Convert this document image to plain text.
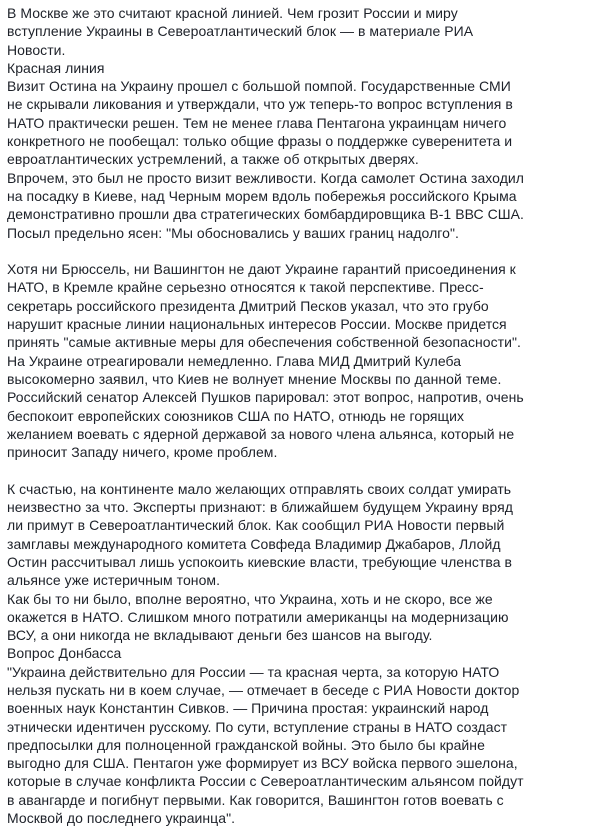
В Москве же это считают красной линией. Чем грозит России и миру
вступление Украины в Североатлантический блок — в материале РИА
Новости.
Красная линия
Визит Остина на Украину прошел с большой помпой. Государственные СМИ
не скрывали ликования и утверждали, что уж теперь-то вопрос вступления в
НАТО практически решен. Тем не менее глава Пентагона украинцам ничего
конкретного не пообещал: только общие фразы о поддержке суверенитета и
евроатлантических устремлений, а также об открытых дверях.
Впрочем, это был не просто визит вежливости. Когда самолет Остина заходил
на посадку в Киеве, над Черным морем вдоль побережья российского Крыма
демонстративно прошли два стратегических бомбардировщика В-1 ВВС США.
Посыл предельно ясен: "Мы обосновались у ваших границ надолго".
Хотя ни Брюссель, ни Вашингтон не дают Украине гарантий присоединения к
НАТО, в Кремле крайне серьезно относятся к такой перспективе. Пресс-
секретарь российского президента Дмитрий Песков указал, что это грубо
нарушит красные линии национальных интересов России. Москве придется
принять "самые активные меры для обеспечения собственной безопасности".
На Украине отреагировали немедленно. Глава МИД Дмитрий Кулеба
высокомерно заявил, что Киев не волнует мнение Москвы по данной теме.
Российский сенатор Алексей Пушков парировал: этот вопрос, напротив, очень
беспокоит европейских союзников США по НАТО, отнюдь не горящих
желанием воевать с ядерной державой за нового члена альянса, который не
приносит Западу ничего, кроме проблем.
К счастью, на континенте мало желающих отправлять своих солдат умирать
неизвестно за что. Эксперты признают: в ближайшем будущем Украину вряд
ли примут в Североатлантический блок. Как сообщил РИА Новости первый
замглавы международного комитета Совфеда Владимир Джабаров, Ллойд
Остин рассчитывал лишь успокоить киевские власти, требующие членства в
альянсе уже истеричным тоном.
Как бы то ни было, вполне вероятно, что Украина, хоть и не скоро, все же
окажется в НАТО. Слишком много потратили американцы на модернизацию
ВСУ, а они никогда не вкладывают деньги без шансов на выгоду.
Вопрос Донбасса
"Украина действительно для России — та красная черта, за которую НАТО
нельзя пускать ни в коем случае, — отмечает в беседе с РИА Новости доктор
военных наук Константин Сивков. — Причина простая: украинский народ
этнически идентичен русскому. По сути, вступление страны в НАТО создаст
предпосылки для полноценной гражданской войны. Это было бы крайне
выгодно для США. Пентагон уже формирует из ВСУ войска первого эшелона,
которые в случае конфликта России с Североатлантическим альянсом пойдут
в авангарде и погибнут первыми. Как говорится, Вашингтон готов воевать с
Москвой до последнего украинца".
